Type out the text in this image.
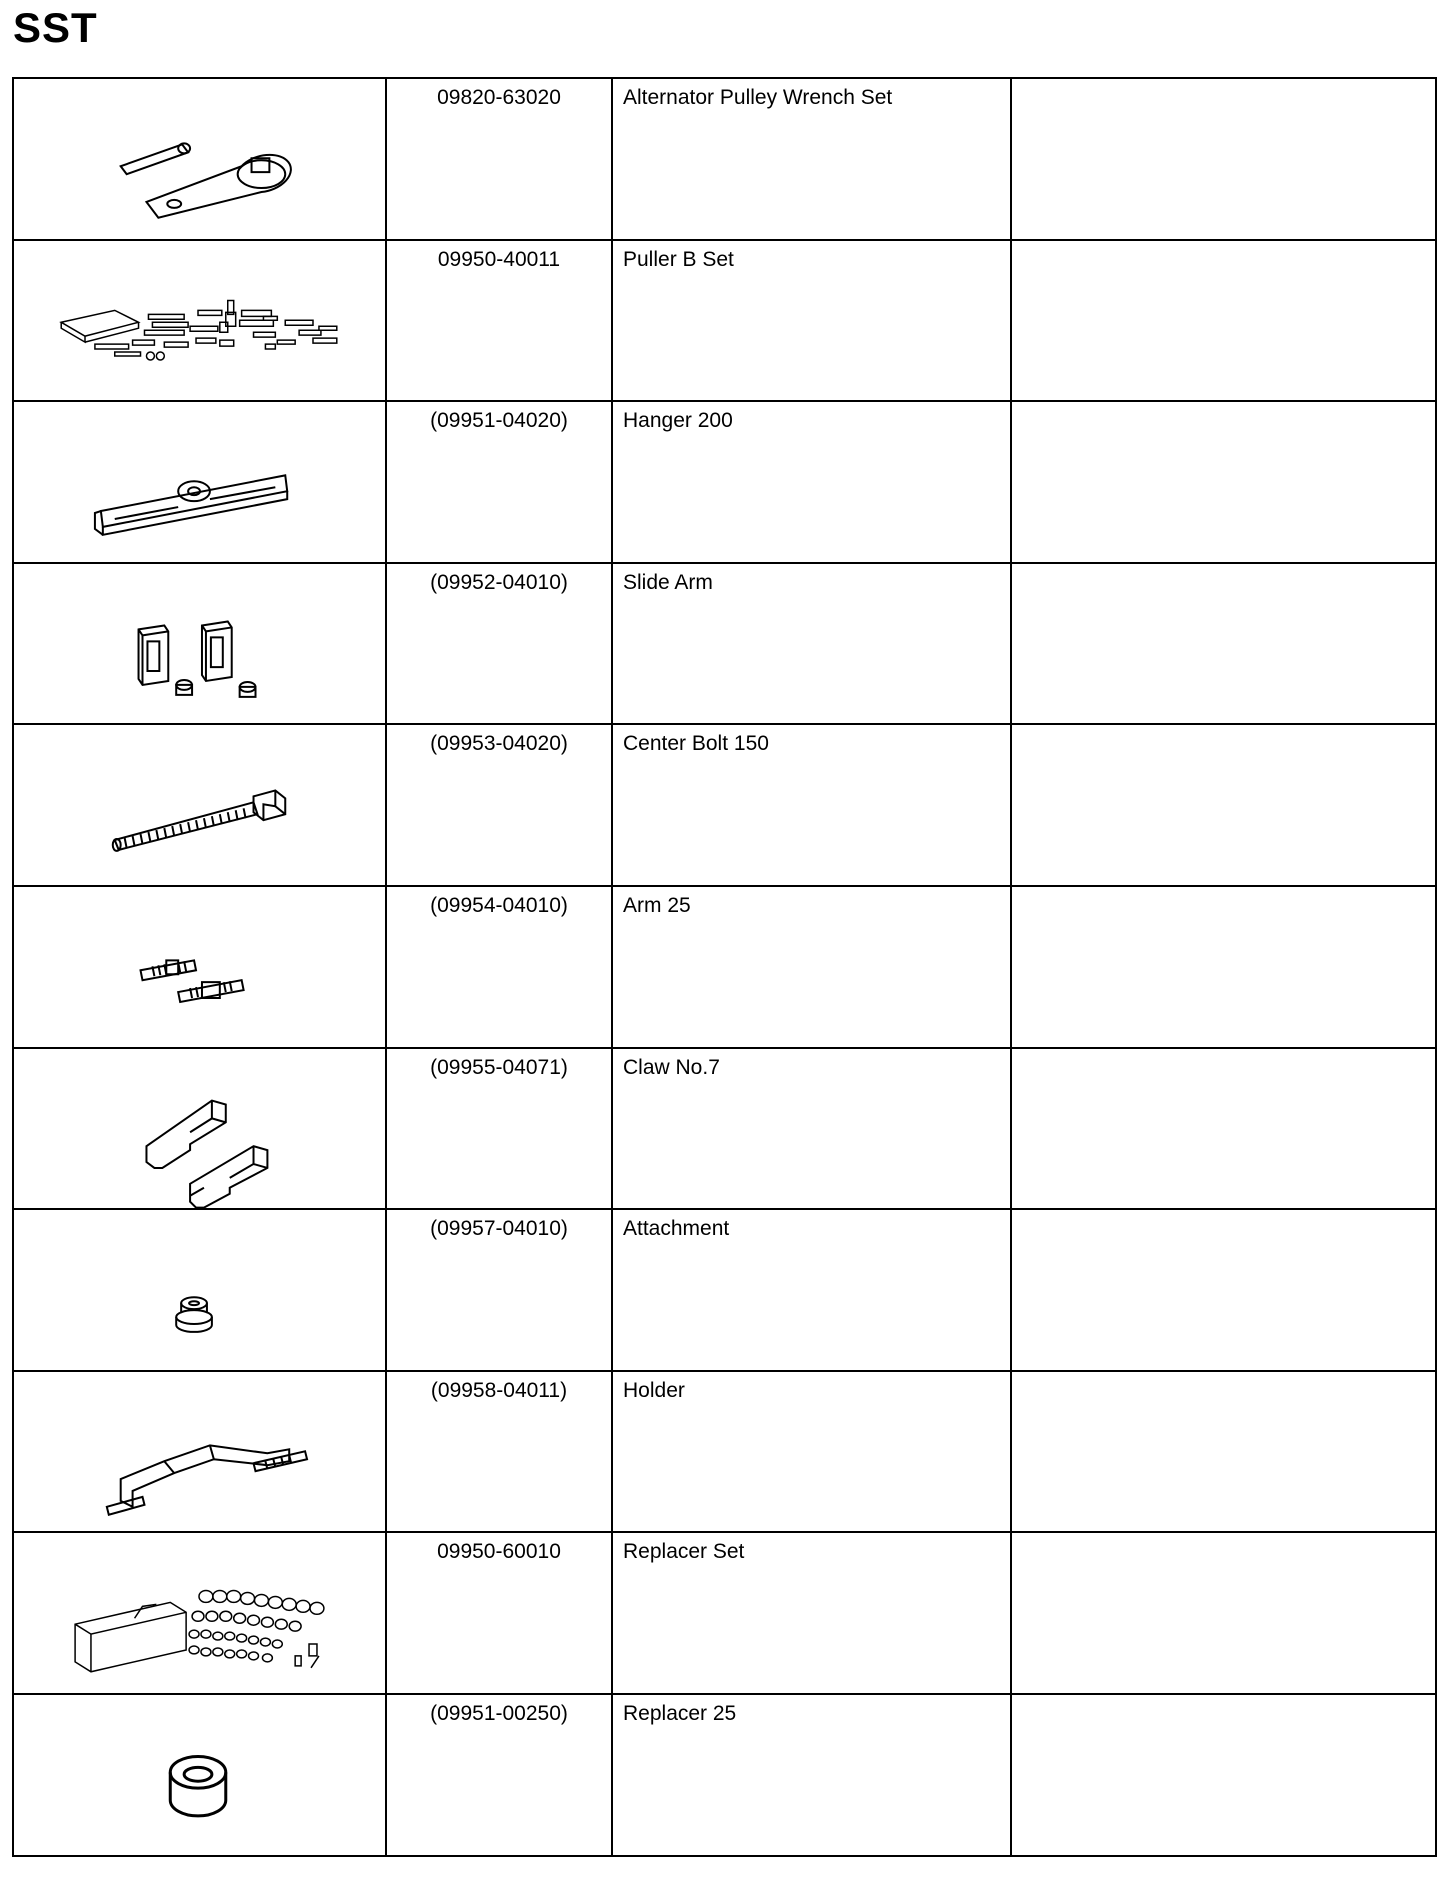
SST
	09820-63020	Alternator Pulley Wrench Set	

	09950-40011	Puller B Set	

	(09951-04020)	Hanger 200	

	(09952-04010)	Slide Arm	

	(09953-04020)	Center Bolt 150	

	(09954-04010)	Arm 25	

	(09955-04071)	Claw No.7	

	(09957-04010)	Attachment	

	(09958-04011)	Holder	

	09950-60010	Replacer Set	

	(09951-00250)	Replacer 25	
